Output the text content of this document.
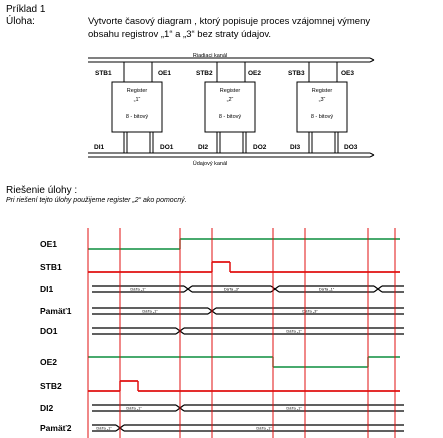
Príklad 1
Úloha:	Vytvorte časový diagram , ktorý popisuje proces vzájomnej výmeny
obsahu registrov „1“ a „3“ bez straty údajov.
Riadiaci kanál
Údajový kanál
Register
„1“
8 - bitový
STB1	OE1
DI1	DO1
Register
„2“
8 - bitový
STB2	OE2
DI2	DO2
Register
„3“
8 - bitový
STB3	OE3
DI3	DO3
Riešenie úlohy :
Pri riešení tejto úlohy použijeme register „2“ ako pomocný.
OE1
STB1
DI1
Pamäť1
DO1
OE2
STB2
DI2
Pamäť2
DáTa „1“	DáTa „3“	DáTa „1“
DáTa „1“	DáTa „3“
DáTa „1“
DáTa „1“	DáTa „1“
DáTa „1“	DáTa „1“
